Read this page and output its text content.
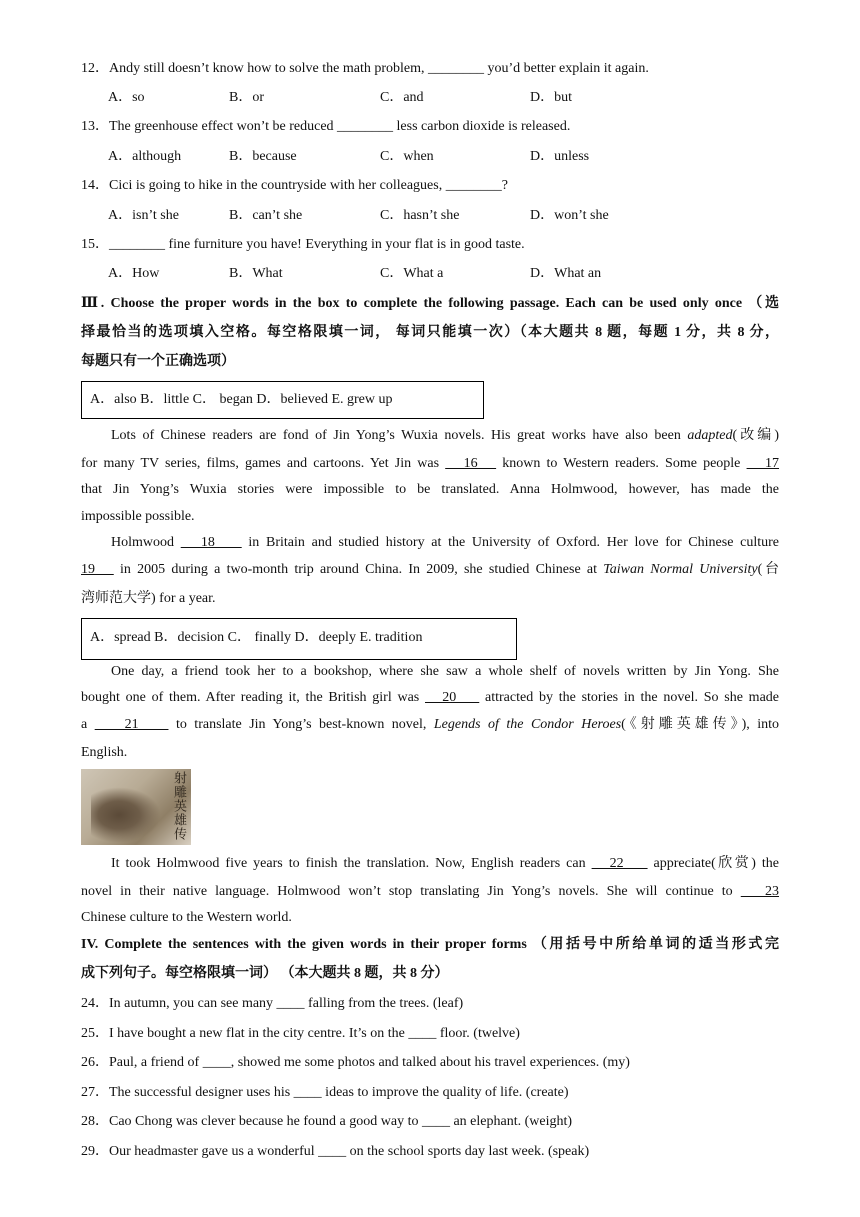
12．Andy still doesn’t know how to solve the math problem, ________ you’d better explain it again.
A．so	B．or	C．and	D．but
13．The greenhouse effect won’t be reduced ________ less carbon dioxide is released.
A．although	B．because	C．when	D．unless
14．Cici is going to hike in the countryside with her colleagues, ________?
A．isn’t she	B．can’t she	C．hasn’t she	D．won’t she
15．________ fine furniture you have! Everything in your flat is in good taste.
A．How	B．What	C．What a	D．What an
Ⅲ. Choose the proper words in the box to complete the following passage. Each can be used only once （选
择最恰当的选项填入空格。每空格限填一词， 每词只能填一次）（本大题共 8 题，每题 1 分，共 8 分，
每题只有一个正确选项）
A．also B．little C． began D．believed E. grew up
Lots of Chinese readers are fond of Jin Yong’s Wuxia novels. His great works have also been adapted(改编)
for many TV series, films, games and cartoons. Yet Jin was    16    known to Western readers. Some people    17
that Jin Yong’s Wuxia stories were impossible to be translated. Anna Holmwood, however, has made the
impossible possible.
Holmwood    18     in Britain and studied history at the University of Oxford. Her love for Chinese culture
19    in 2005 during a two-month trip around China. In 2009, she studied Chinese at Taiwan Normal University(台
湾师范大学) for a year.
A．spread B．decision C． finally D．deeply E. tradition
One day, a friend took her to a bookshop, where she saw a whole shelf of novels written by Jin Yong. She
bought one of them. After reading it, the British girl was    20     attracted by the stories in the novel. So she made
a     21     to translate Jin Yong’s best-known novel, Legends of the Condor Heroes(《射雕英雄传》), into
English.
射雕英雄传
It took Holmwood five years to finish the translation. Now, English readers can    22     appreciate(欣赏) the
novel in their native language. Holmwood won’t stop translating Jin Yong’s novels. She will continue to    23
Chinese culture to the Western world.
IV. Complete the sentences with the given words in their proper forms （用括号中所给单词的适当形式完
成下列句子。每空格限填一词） （本大题共 8 题，共 8 分）
24．In autumn, you can see many ____ falling from the trees. (leaf)
25．I have bought a new flat in the city centre. It’s on the ____ floor. (twelve)
26．Paul, a friend of ____, showed me some photos and talked about his travel experiences. (my)
27．The successful designer uses his ____ ideas to improve the quality of life. (create)
28．Cao Chong was clever because he found a good way to ____ an elephant. (weight)
29．Our headmaster gave us a wonderful ____ on the school sports day last week. (speak)
